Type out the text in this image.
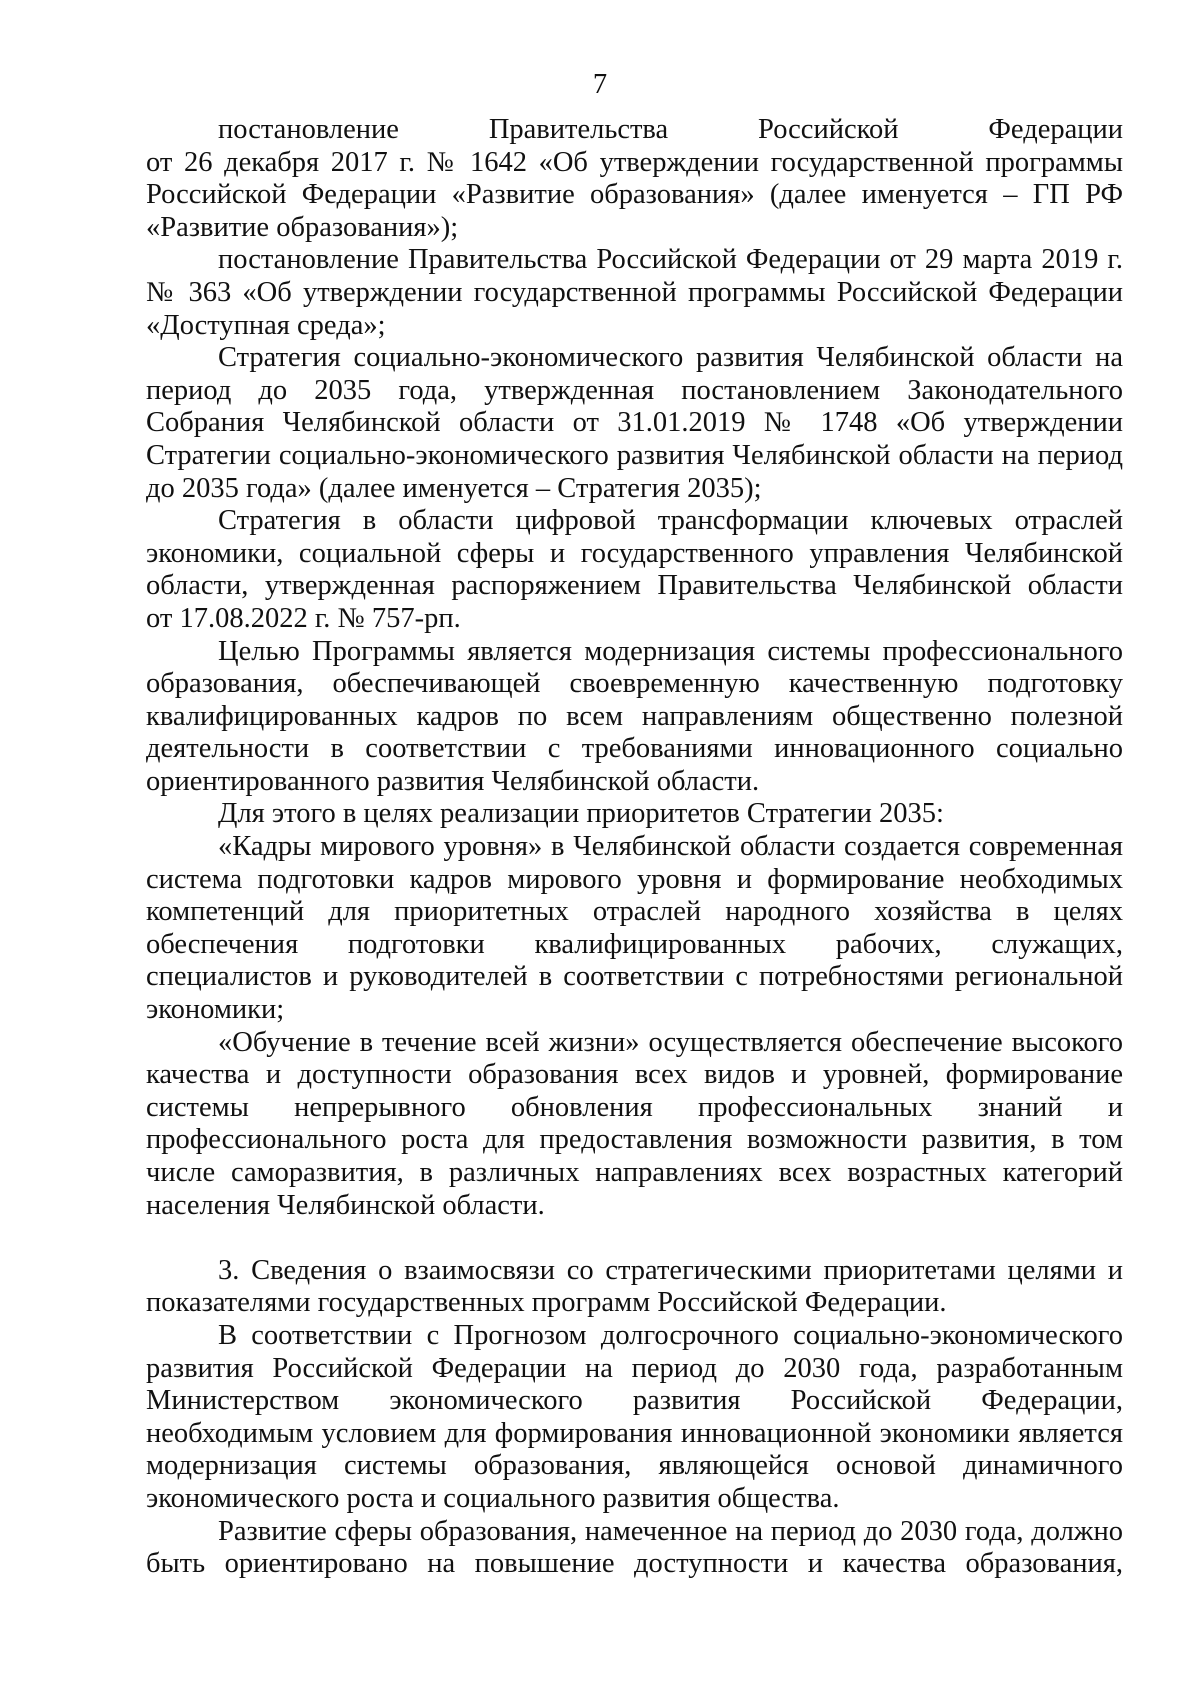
7
постановление Правительства Российской Федерации
от 26 декабря 2017 г. № 1642 «Об утверждении государственной программы
Российской Федерации «Развитие образования» (далее именуется – ГП РФ
«Развитие образования»);
постановление Правительства Российской Федерации от 29 марта 2019 г.
№ 363 «Об утверждении государственной программы Российской Федерации
«Доступная среда»;
Стратегия социально-экономического развития Челябинской области на
период до 2035 года, утвержденная постановлением Законодательного
Собрания Челябинской области от 31.01.2019 № 1748 «Об утверждении
Стратегии социально-экономического развития Челябинской области на период
до 2035 года» (далее именуется – Стратегия 2035);
Стратегия в области цифровой трансформации ключевых отраслей
экономики, социальной сферы и государственного управления Челябинской
области, утвержденная распоряжением Правительства Челябинской области
от 17.08.2022 г. № 757-рп.
Целью Программы является модернизация системы профессионального
образования, обеспечивающей своевременную качественную подготовку
квалифицированных кадров по всем направлениям общественно полезной
деятельности в соответствии с требованиями инновационного социально
ориентированного развития Челябинской области.
Для этого в целях реализации приоритетов Стратегии 2035:
«Кадры мирового уровня» в Челябинской области создается современная
система подготовки кадров мирового уровня и формирование необходимых
компетенций для приоритетных отраслей народного хозяйства в целях
обеспечения подготовки квалифицированных рабочих, служащих,
специалистов и руководителей в соответствии с потребностями региональной
экономики;
«Обучение в течение всей жизни» осуществляется обеспечение высокого
качества и доступности образования всех видов и уровней, формирование
системы непрерывного обновления профессиональных знаний и
профессионального роста для предоставления возможности развития, в том
числе саморазвития, в различных направлениях всех возрастных категорий
населения Челябинской области.
3. Сведения о взаимосвязи со стратегическими приоритетами целями и
показателями государственных программ Российской Федерации.
В соответствии с Прогнозом долгосрочного социально-экономического
развития Российской Федерации на период до 2030 года, разработанным
Министерством экономического развития Российской Федерации,
необходимым условием для формирования инновационной экономики является
модернизация системы образования, являющейся основой динамичного
экономического роста и социального развития общества.
Развитие сферы образования, намеченное на период до 2030 года, должно
быть ориентировано на повышение доступности и качества образования,
